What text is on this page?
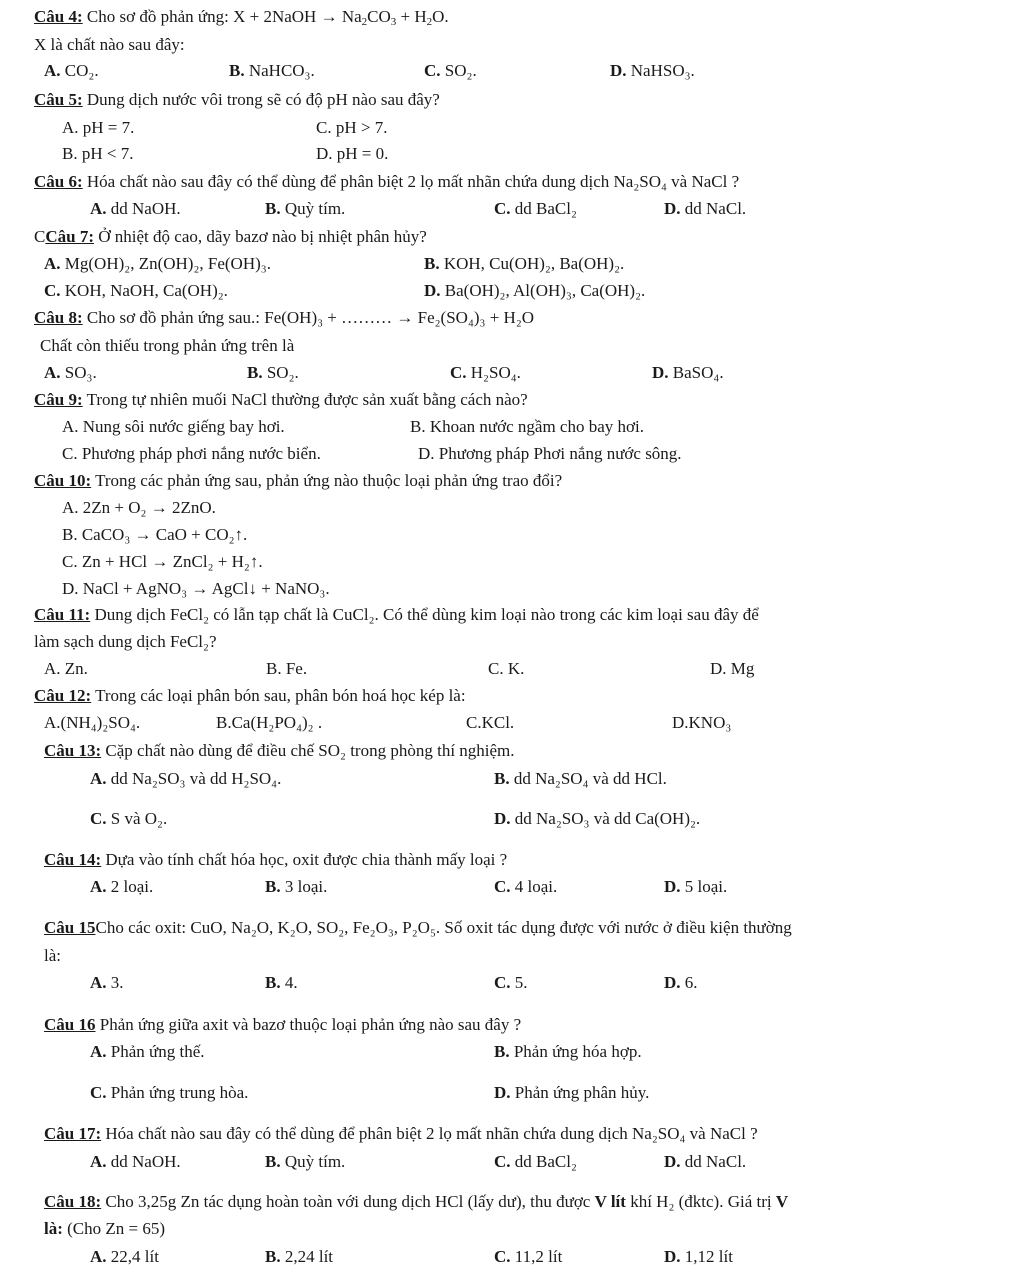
Câu 4: Cho sơ đồ phản ứng: X + 2NaOH → $Na_2CO_3 + H_2O$.
X là chất nào sau đây:
A. CO₂.	B. NaHCO₃.	C. SO₂.	D. NaHSO₃.
Câu 5: Dung dịch nước vôi trong sẽ có độ pH nào sau đây?
A. pH = 7.	C. pH > 7.
B. pH < 7.	D. pH = 0.
Câu 6: Hóa chất nào sau đây có thể dùng để phân biệt 2 lọ mất nhãn chứa dung dịch Na₂SO₄ và NaCl ?
A. dd NaOH.	B. Quỳ tím.	C. dd BaCl₂	D. dd NaCl.
CCâu 7: Ở nhiệt độ cao, dãy bazơ nào bị nhiệt phân hủy?
A. Mg(OH)₂, Zn(OH)₂, Fe(OH)₃.	B. KOH, Cu(OH)₂, Ba(OH)₂.
C. KOH, NaOH, Ca(OH)₂.	D. Ba(OH)₂, Al(OH)₃, Ca(OH)₂.
Câu 8: Cho sơ đồ phản ứng sau.: Fe(OH)₃ + ……… → Fe₂(SO₄)₃ + H₂O
Chất còn thiếu trong phản ứng trên là
A. SO₃.	B. SO₂.	C. H₂SO₄.	D. BaSO₄.
Câu 9: Trong tự nhiên muối NaCl thường được sản xuất bằng cách nào?
A. Nung sôi nước giếng bay hơi.	B. Khoan nước ngầm cho bay hơi.
C. Phương pháp phơi nắng nước biển.	D. Phương pháp Phơi nắng nước sông.
Câu 10: Trong các phản ứng sau, phản ứng nào thuộc loại phản ứng trao đổi?
A. 2Zn + O₂ → 2ZnO.
B. CaCO₃ → CaO + CO₂↑.
C. Zn + HCl → ZnCl₂ + H₂↑.
D. NaCl + AgNO₃ → AgCl↓ + NaNO₃.
Câu 11: Dung dịch FeCl₂ có lẫn tạp chất là CuCl₂. Có thể dùng kim loại nào trong các kim loại sau đây để
làm sạch dung dịch FeCl₂?
A. Zn.	B. Fe.	C. K.	D. Mg
Câu 12: Trong các loại phân bón sau, phân bón hoá học kép là:
A.(NH₄)₂SO₄.	B.Ca(H₂PO₄)₂ .	C.KCl.	D.KNO₃
Câu 13: Cặp chất nào dùng để điều chế SO₂ trong phòng thí nghiệm.
A. dd Na₂SO₃ và dd H₂SO₄.	B. dd Na₂SO₄ và dd HCl.
C. S và O₂.	D. dd Na₂SO₃ và dd Ca(OH)₂.
Câu 14: Dựa vào tính chất hóa học, oxit được chia thành mấy loại ?
A. 2 loại.	B. 3 loại.	C. 4 loại.	D. 5 loại.
Câu 15Cho các oxit: CuO, Na₂O, K₂O, SO₂, Fe₂O₃, P₂O₅. Số oxit tác dụng được với nước ở điều kiện thường
là:
A. 3.	B. 4.	C. 5.	D. 6.
Câu 16 Phản ứng giữa axit và bazơ thuộc loại phản ứng nào sau đây ?
A. Phản ứng thế.	B. Phản ứng hóa hợp.
C. Phản ứng trung hòa.	D. Phản ứng phân hủy.
Câu 17: Hóa chất nào sau đây có thể dùng để phân biệt 2 lọ mất nhãn chứa dung dịch Na₂SO₄ và NaCl ?
A. dd NaOH.	B. Quỳ tím.	C. dd BaCl₂	D. dd NaCl.
Câu 18: Cho 3,25g Zn tác dụng hoàn toàn với dung dịch HCl (lấy dư), thu được V lít khí H₂ (đktc). Giá trị V
là: (Cho Zn = 65)
A. 22,4 lít	B. 2,24 lít	C. 11,2 lít	D. 1,12 lít
